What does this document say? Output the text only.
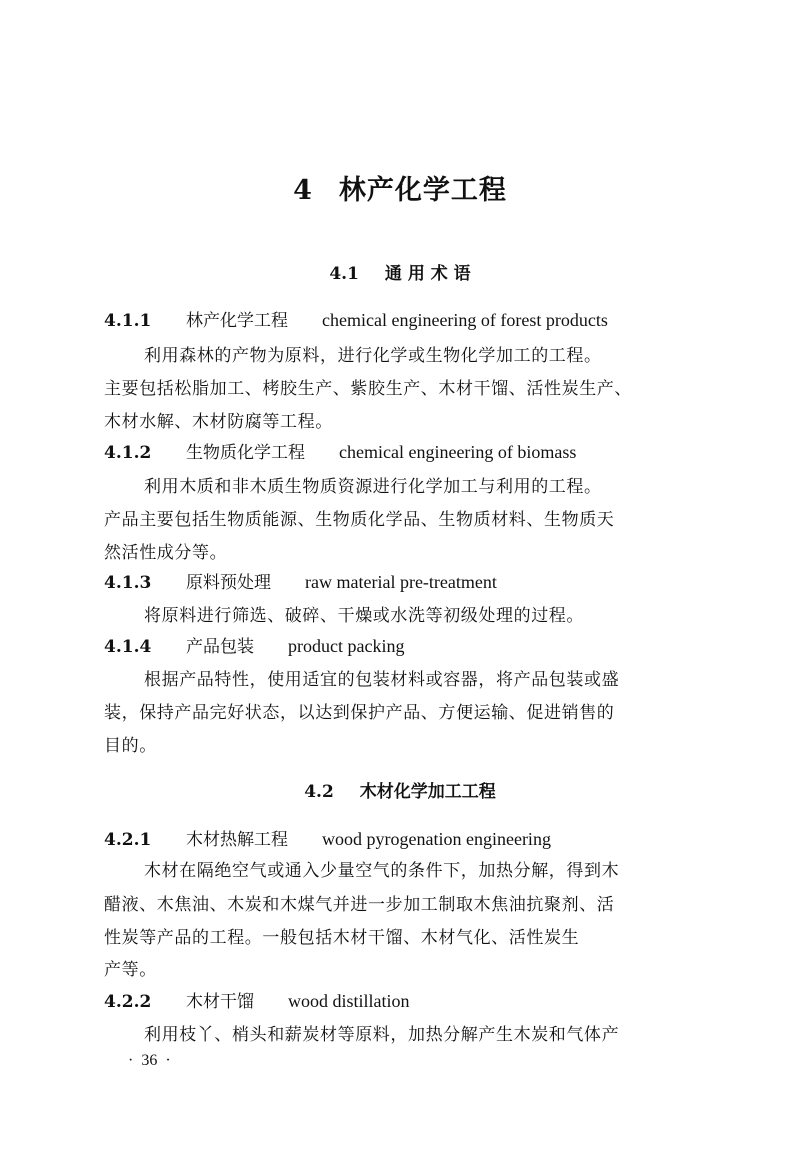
4 林产化学工程
4.1 通 用 术 语
4.1.1 林产化学工程 chemical engineering of forest products
利用森林的产物为原料，进行化学或生物化学加工的工程。
主要包括松脂加工、栲胶生产、紫胶生产、木材干馏、活性炭生产、
木材水解、木材防腐等工程。
4.1.2 生物质化学工程 chemical engineering of biomass
利用木质和非木质生物质资源进行化学加工与利用的工程。
产品主要包括生物质能源、生物质化学品、生物质材料、生物质天
然活性成分等。
4.1.3 原料预处理 raw material pre-treatment
将原料进行筛选、破碎、干燥或水洗等初级处理的过程。
4.1.4 产品包装 product packing
根据产品特性，使用适宜的包装材料或容器，将产品包装或盛
装，保持产品完好状态，以达到保护产品、方便运输、促进销售的
目的。
4.2 木材化学加工工程
4.2.1 木材热解工程 wood pyrogenation engineering
木材在隔绝空气或通入少量空气的条件下，加热分解，得到木
醋液、木焦油、木炭和木煤气并进一步加工制取木焦油抗聚剂、活
性炭等产品的工程。一般包括木材干馏、木材气化、活性炭生
产等。
4.2.2 木材干馏 wood distillation
利用枝丫、梢头和薪炭材等原料，加热分解产生木炭和气体产
· 36 ·
